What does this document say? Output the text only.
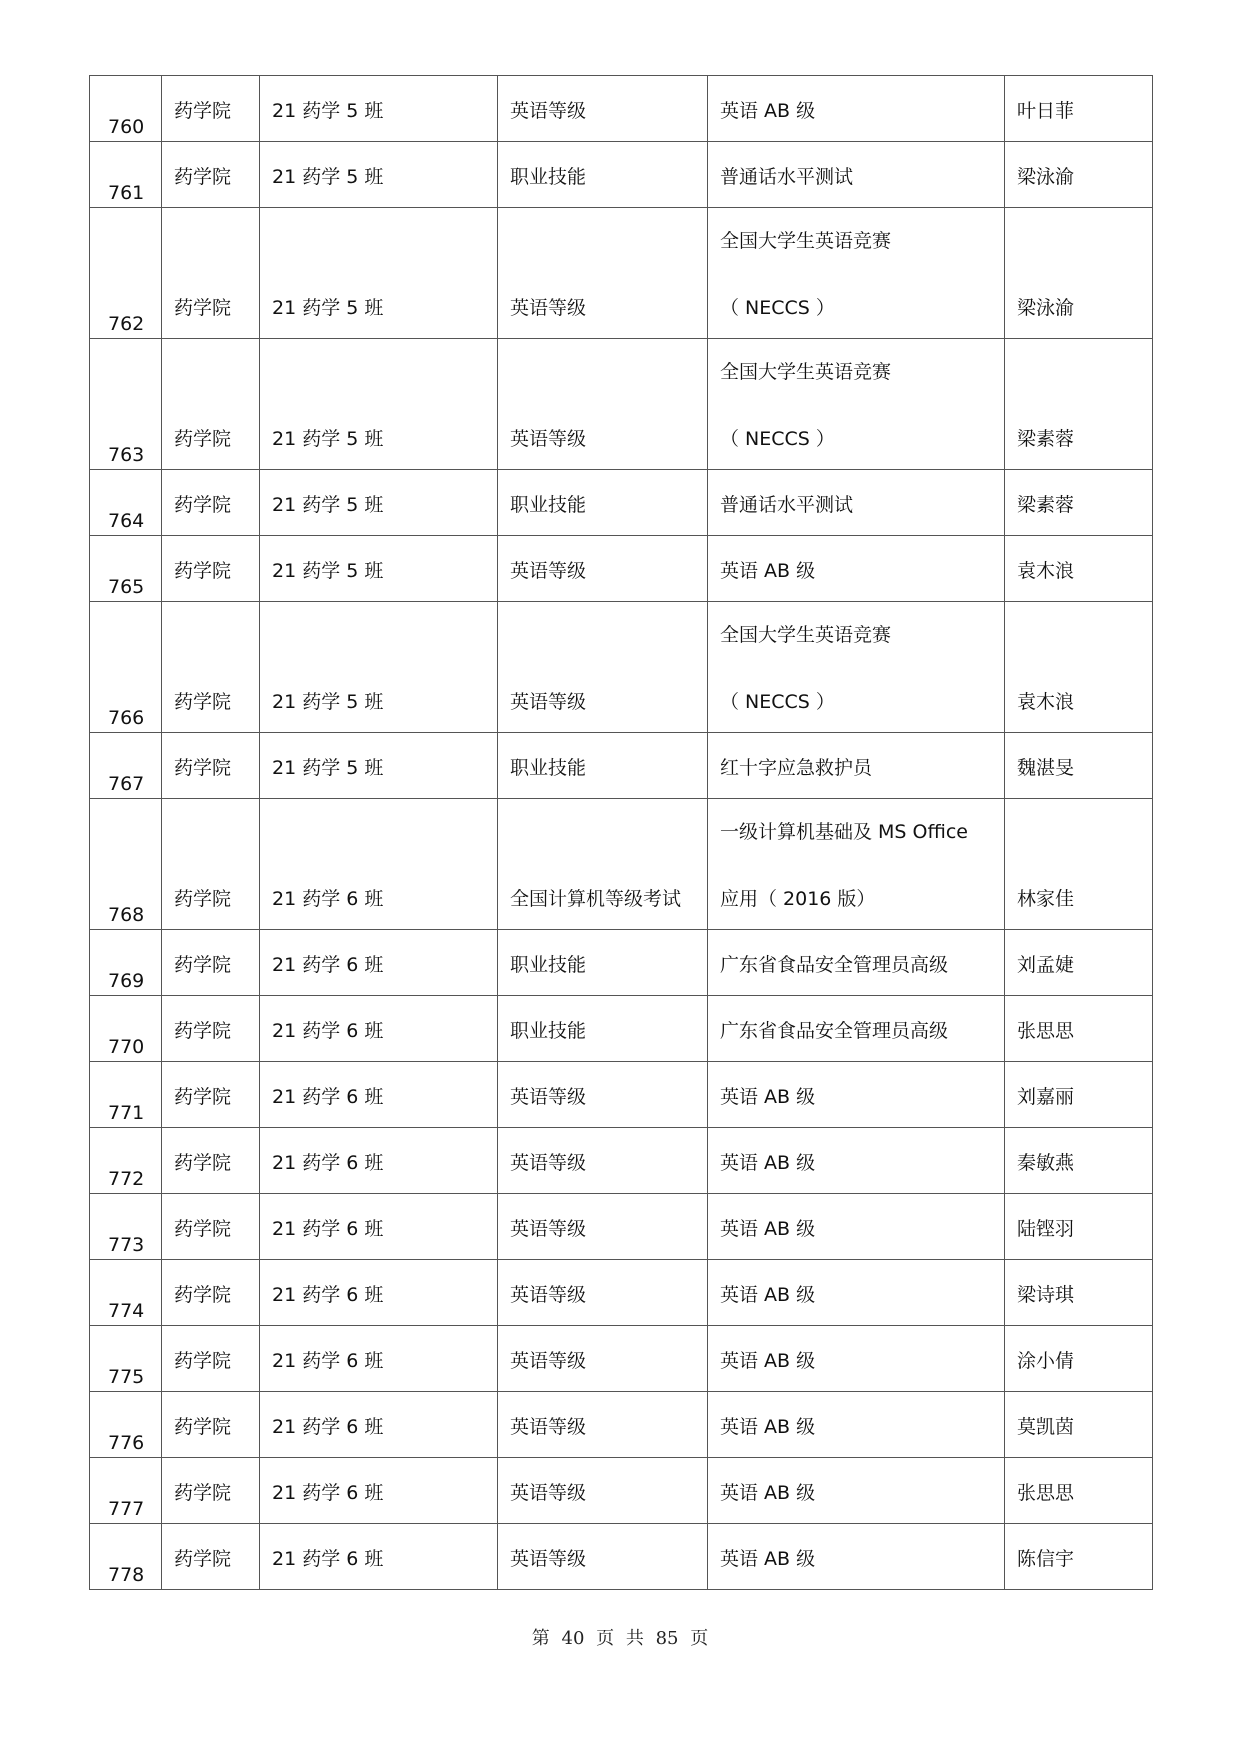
760	药学院	21 药学 5 班	英语等级	英语 AB 级	叶日菲

761	药学院	21 药学 5 班	职业技能	普通话水平测试	梁泳渝

762	药学院	21 药学 5 班	英语等级	全国大学生英语竞赛
（ NECCS ）	梁泳渝

763	药学院	21 药学 5 班	英语等级	全国大学生英语竞赛
（ NECCS ）	梁素蓉

764	药学院	21 药学 5 班	职业技能	普通话水平测试	梁素蓉

765	药学院	21 药学 5 班	英语等级	英语 AB 级	袁木浪

766	药学院	21 药学 5 班	英语等级	全国大学生英语竞赛
（ NECCS ）	袁木浪

767	药学院	21 药学 5 班	职业技能	红十字应急救护员	魏湛旻

768	药学院	21 药学 6 班	全国计算机等级考试	一级计算机基础及 MS Office
应用（ 2016 版）	林家佳

769	药学院	21 药学 6 班	职业技能	广东省食品安全管理员高级	刘孟婕

770	药学院	21 药学 6 班	职业技能	广东省食品安全管理员高级	张思思

771	药学院	21 药学 6 班	英语等级	英语 AB 级	刘嘉丽

772	药学院	21 药学 6 班	英语等级	英语 AB 级	秦敏燕

773	药学院	21 药学 6 班	英语等级	英语 AB 级	陆铿羽

774	药学院	21 药学 6 班	英语等级	英语 AB 级	梁诗琪

775	药学院	21 药学 6 班	英语等级	英语 AB 级	涂小倩

776	药学院	21 药学 6 班	英语等级	英语 AB 级	莫凯茵

777	药学院	21 药学 6 班	英语等级	英语 AB 级	张思思

778	药学院	21 药学 6 班	英语等级	英语 AB 级	陈信宇
第 40 页 共 85 页
